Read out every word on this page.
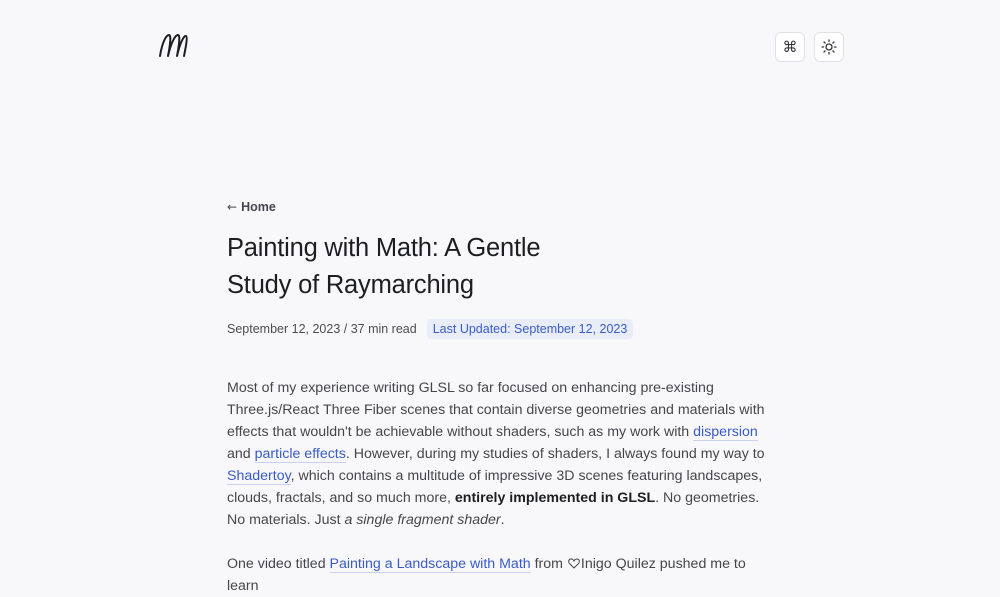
⌘
← Home
Painting with Math: A Gentle Study of Raymarching
September 12, 2023 / 37 min read	Last Updated: September 12, 2023

Most of my experience writing GLSL so far focused on enhancing pre-existing Three.js/React Three Fiber scenes that contain diverse geometries and materials with effects that wouldn't be achievable without shaders, such as my work with dispersion and particle effects. However, during my studies of shaders, I always found my way to Shadertoy, which contains a multitude of impressive 3D scenes featuring landscapes, clouds, fractals, and so much more, entirely implemented in GLSL. No geometries. No materials. Just a single fragment shader.

One video titled Painting a Landscape with Math from Inigo Quilez pushed me to learn
